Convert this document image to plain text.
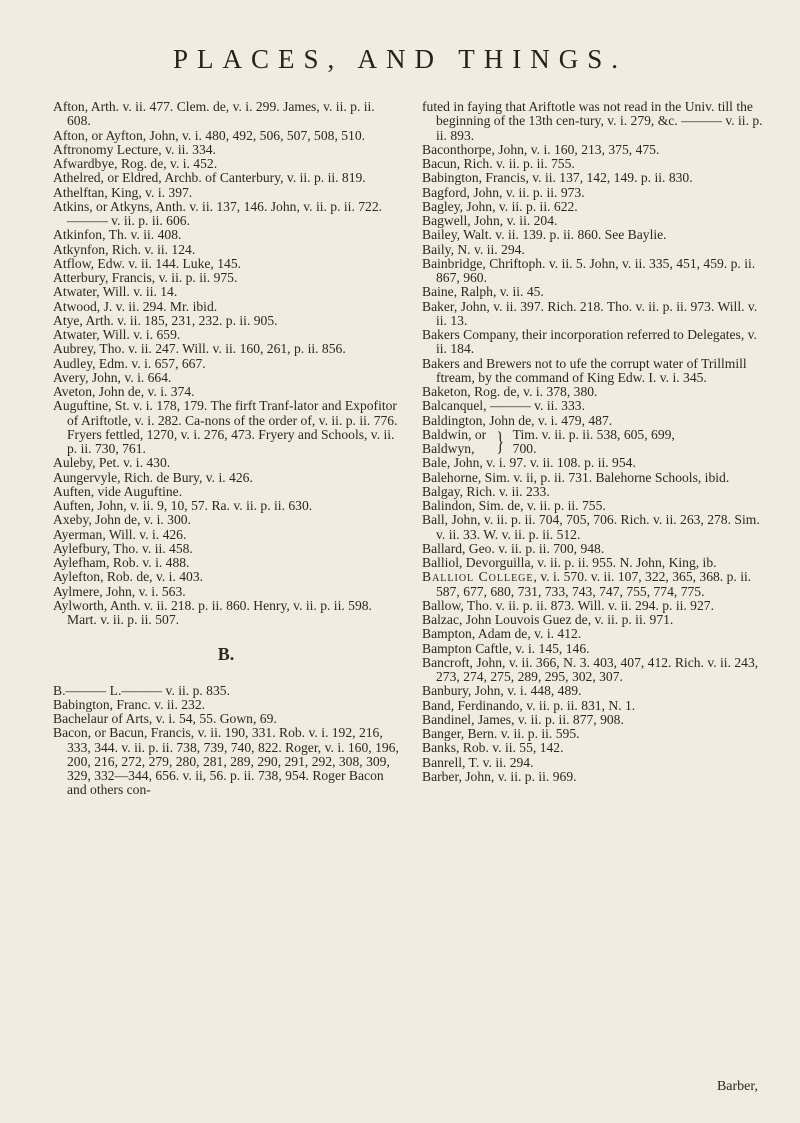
PLACES, AND THINGS.

Afton, Arth. v. ii. 477. Clem. de, v. i. 299. James, v. ii. p. ii. 608.

Afton, or Ayfton, John, v. i. 480, 492, 506, 507, 508, 510.

Aftronomy Lecture, v. ii. 334.

Afwardbye, Rog. de, v. i. 452.

Athelred, or Eldred, Archb. of Canterbury, v. ii. p. ii. 819.

Athelftan, King, v. i. 397.

Atkins, or Atkyns, Anth. v. ii. 137, 146. John, v. ii. p. ii. 722. ——— v. ii. p. ii. 606.

Atkinfon, Th. v. ii. 408.

Atkynfon, Rich. v. ii. 124.

Atflow, Edw. v. ii. 144. Luke, 145.

Atterbury, Francis, v. ii. p. ii. 975.

Atwater, Will. v. ii. 14.

Atwood, J. v. ii. 294. Mr. ibid.

Atye, Arth. v. ii. 185, 231, 232. p. ii. 905.

Atwater, Will. v. i. 659.

Aubrey, Tho. v. ii. 247. Will. v. ii. 160, 261, p. ii. 856.

Audley, Edm. v. i. 657, 667.

Avery, John, v. i. 664.

Aveton, John de, v. i. 374.

Auguftine, St. v. i. 178, 179. The firft Tranf-lator and Expofitor of Ariftotle, v. i. 282. Ca-nons of the order of, v. ii. p. ii. 776. Fryers fettled, 1270, v. i. 276, 473. Fryery and Schools, v. ii. p. ii. 730, 761.

Auleby, Pet. v. i. 430.

Aungervyle, Rich. de Bury, v. i. 426.

Auften, vide Auguftine.

Auften, John, v. ii. 9, 10, 57. Ra. v. ii. p. ii. 630.

Axeby, John de, v. i. 300.

Ayerman, Will. v. i. 426.

Aylefbury, Tho. v. ii. 458.

Aylefham, Rob. v. i. 488.

Aylefton, Rob. de, v. i. 403.

Aylmere, John, v. i. 563.

Aylworth, Anth. v. ii. 218. p. ii. 860. Henry, v. ii. p. ii. 598. Mart. v. ii. p. ii. 507.

B.

B.——— L.——— v. ii. p. 835.

Babington, Franc. v. ii. 232.

Bachelaur of Arts, v. i. 54, 55. Gown, 69.

Bacon, or Bacun, Francis, v. ii. 190, 331. Rob. v. i. 192, 216, 333, 344. v. ii. p. ii. 738, 739, 740, 822. Roger, v. i. 160, 196, 200, 216, 272, 279, 280, 281, 289, 290, 291, 292, 308, 309, 329, 332—344, 656. v. ii, 56. p. ii. 738, 954. Roger Bacon and others con-

futed in faying that Ariftotle was not read in the Univ. till the beginning of the 13th cen-tury, v. i. 279, &c. ——— v. ii. p. ii. 893.

Baconthorpe, John, v. i. 160, 213, 375, 475.

Bacun, Rich. v. ii. p. ii. 755.

Babington, Francis, v. ii. 137, 142, 149. p. ii. 830.

Bagford, John, v. ii. p. ii. 973.

Bagley, John, v. ii. p. ii. 622.

Bagwell, John, v. ii. 204.

Bailey, Walt. v. ii. 139. p. ii. 860. See Baylie.

Baily, N. v. ii. 294.

Bainbridge, Chriftoph. v. ii. 5. John, v. ii. 335, 451, 459. p. ii. 867, 960.

Baine, Ralph, v. ii. 45.

Baker, John, v. ii. 397. Rich. 218. Tho. v. ii. p. ii. 973. Will. v. ii. 13.

Bakers Company, their incorporation referred to Delegates, v. ii. 184.

Bakers and Brewers not to ufe the corrupt water of Trillmill ftream, by the command of King Edw. I. v. i. 345.

Baketon, Rog. de, v. i. 378, 380.

Balcanquel, ——— v. ii. 333.

Baldington, John de, v. i. 479, 487.

Baldwin, or
Baldwyn, } Tim. v. ii. p. ii. 538, 605, 699,
700.

Bale, John, v. i. 97. v. ii. 108. p. ii. 954.

Balehorne, Sim. v. ii, p. ii. 731. Balehorne Schools, ibid.

Balgay, Rich. v. ii. 233.

Balindon, Sim. de, v. ii. p. ii. 755.

Ball, John, v. ii. p. ii. 704, 705, 706. Rich. v. ii. 263, 278. Sim. v. ii. 33. W. v. ii. p. ii. 512.

Ballard, Geo. v. ii. p. ii. 700, 948.

Balliol, Devorguilla, v. ii. p. ii. 955. N. John, King, ib.

Balliol College, v. i. 570. v. ii. 107, 322, 365, 368. p. ii. 587, 677, 680, 731, 733, 743, 747, 755, 774, 775.

Ballow, Tho. v. ii. p. ii. 873. Will. v. ii. 294. p. ii. 927.

Balzac, John Louvois Guez de, v. ii. p. ii. 971.

Bampton, Adam de, v. i. 412.

Bampton Caftle, v. i. 145, 146.

Bancroft, John, v. ii. 366, N. 3. 403, 407, 412. Rich. v. ii. 243, 273, 274, 275, 289, 295, 302, 307.

Banbury, John, v. i. 448, 489.

Band, Ferdinando, v. ii. p. ii. 831, N. 1.

Bandinel, James, v. ii. p. ii. 877, 908.

Banger, Bern. v. ii. p. ii. 595.

Banks, Rob. v. ii. 55, 142.

Banrell, T. v. ii. 294.

Barber, John, v. ii. p. ii. 969.

Barber,
